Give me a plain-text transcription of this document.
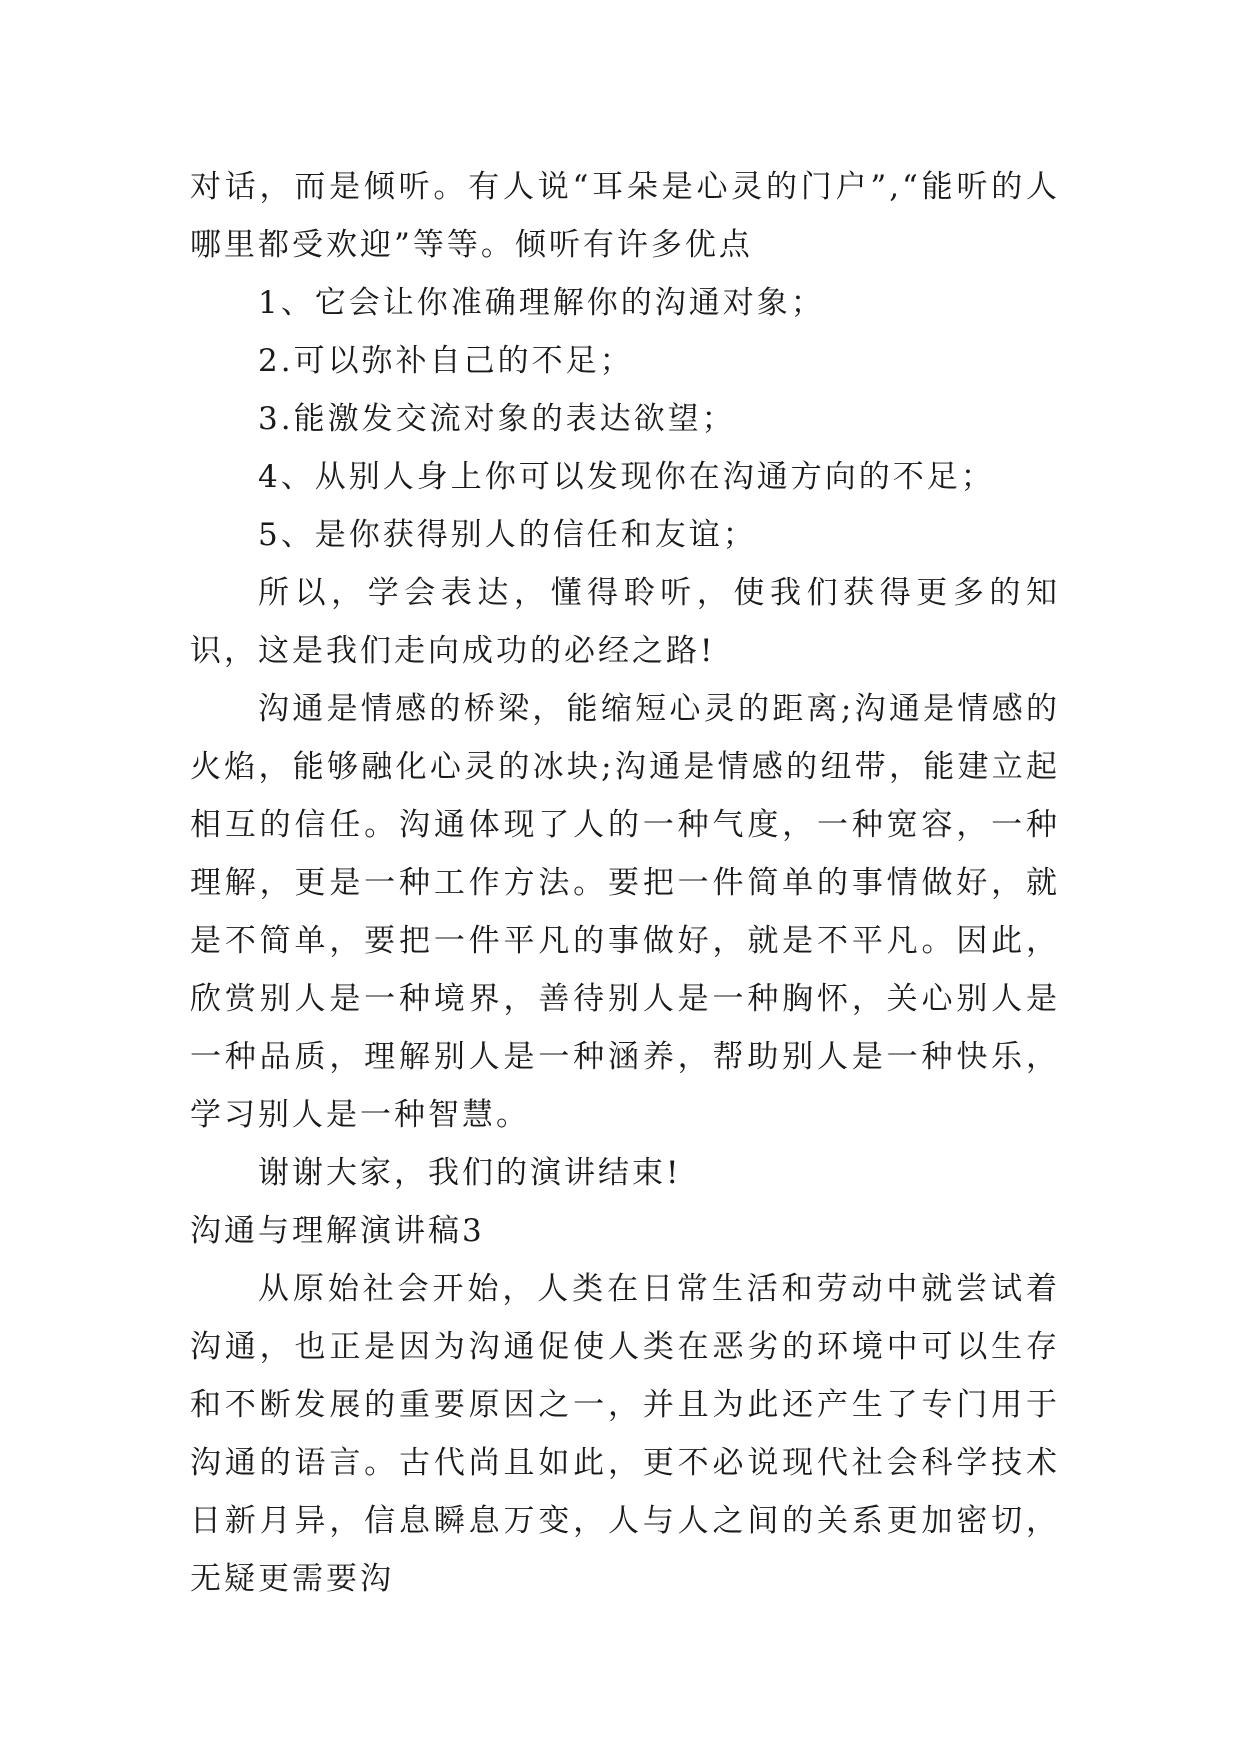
对话，而是倾听。有人说“耳朵是心灵的门户”,“能听的人哪里都受欢迎”等等。倾听有许多优点

1、它会让你准确理解你的沟通对象；

2.可以弥补自己的不足；

3.能激发交流对象的表达欲望；

4、从别人身上你可以发现你在沟通方向的不足；

5、是你获得别人的信任和友谊；

所以，学会表达，懂得聆听，使我们获得更多的知识，这是我们走向成功的必经之路!

沟通是情感的桥梁，能缩短心灵的距离;沟通是情感的火焰，能够融化心灵的冰块;沟通是情感的纽带，能建立起相互的信任。沟通体现了人的一种气度，一种宽容，一种理解，更是一种工作方法。要把一件简单的事情做好，就是不简单，要把一件平凡的事做好，就是不平凡。因此，欣赏别人是一种境界，善待别人是一种胸怀，关心别人是一种品质，理解别人是一种涵养，帮助别人是一种快乐，学习别人是一种智慧。

谢谢大家，我们的演讲结束!

沟通与理解演讲稿3

从原始社会开始，人类在日常生活和劳动中就尝试着沟通，也正是因为沟通促使人类在恶劣的环境中可以生存和不断发展的重要原因之一，并且为此还产生了专门用于沟通的语言。古代尚且如此，更不必说现代社会科学技术日新月异，信息瞬息万变，人与人之间的关系更加密切，无疑更需要沟
